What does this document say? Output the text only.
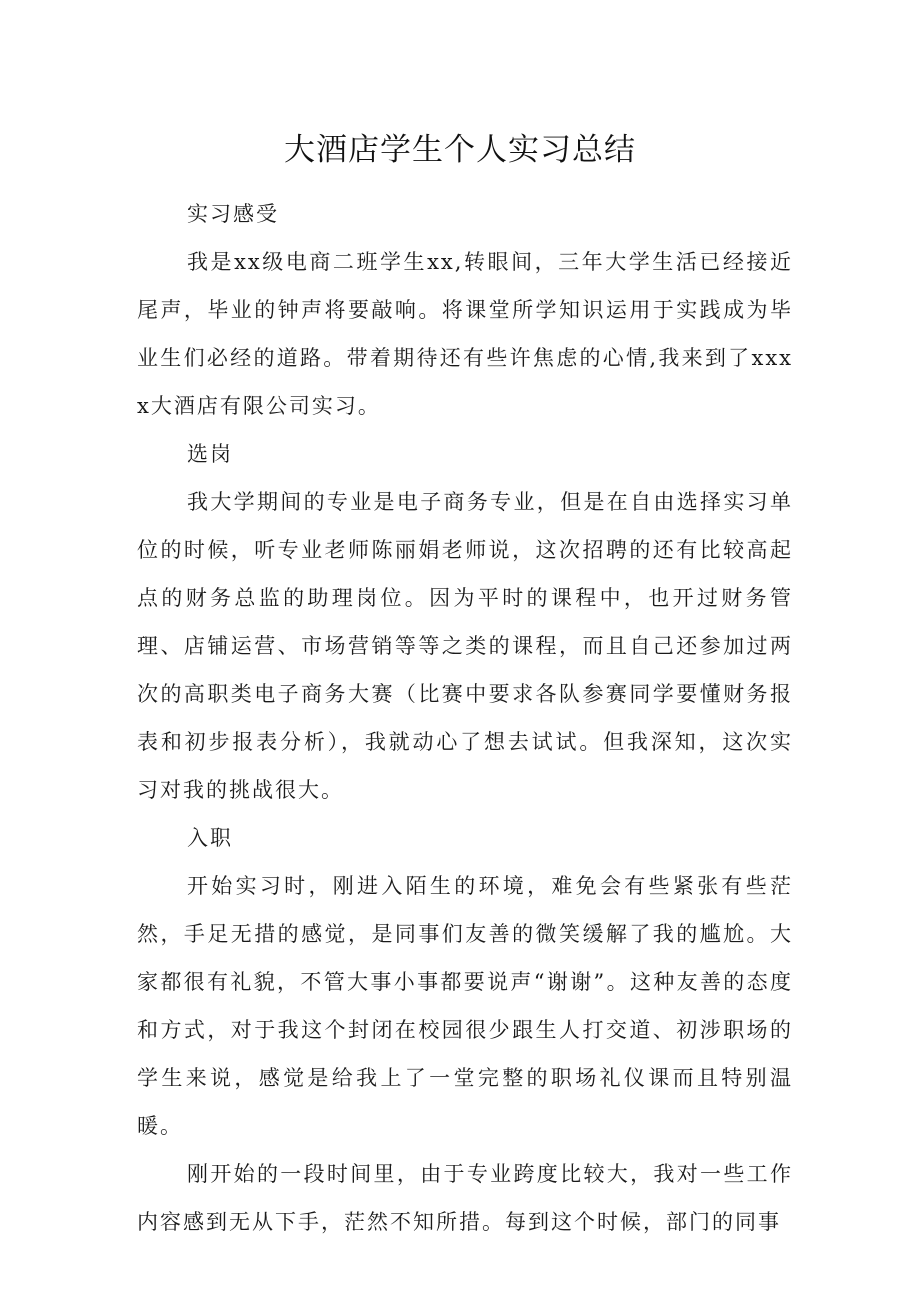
大酒店学生个人实习总结

实习感受

我是xx级电商二班学生xx,转眼间，三年大学生活已经接近尾声，毕业的钟声将要敲响。将课堂所学知识运用于实践成为毕业生们必经的道路。带着期待还有些许焦虑的心情,我来到了xxxx大酒店有限公司实习。

选岗

我大学期间的专业是电子商务专业，但是在自由选择实习单位的时候，听专业老师陈丽娟老师说，这次招聘的还有比较高起点的财务总监的助理岗位。因为平时的课程中，也开过财务管理、店铺运营、市场营销等等之类的课程，而且自己还参加过两次的高职类电子商务大赛（比赛中要求各队参赛同学要懂财务报表和初步报表分析），我就动心了想去试试。但我深知，这次实习对我的挑战很大。

入职

开始实习时，刚进入陌生的环境，难免会有些紧张有些茫然，手足无措的感觉，是同事们友善的微笑缓解了我的尴尬。大家都很有礼貌，不管大事小事都要说声“谢谢”。这种友善的态度和方式，对于我这个封闭在校园很少跟生人打交道、初涉职场的学生来说，感觉是给我上了一堂完整的职场礼仪课而且特别温暖。

刚开始的一段时间里，由于专业跨度比较大，我对一些工作内容感到无从下手，茫然不知所措。每到这个时候，部门的同事
